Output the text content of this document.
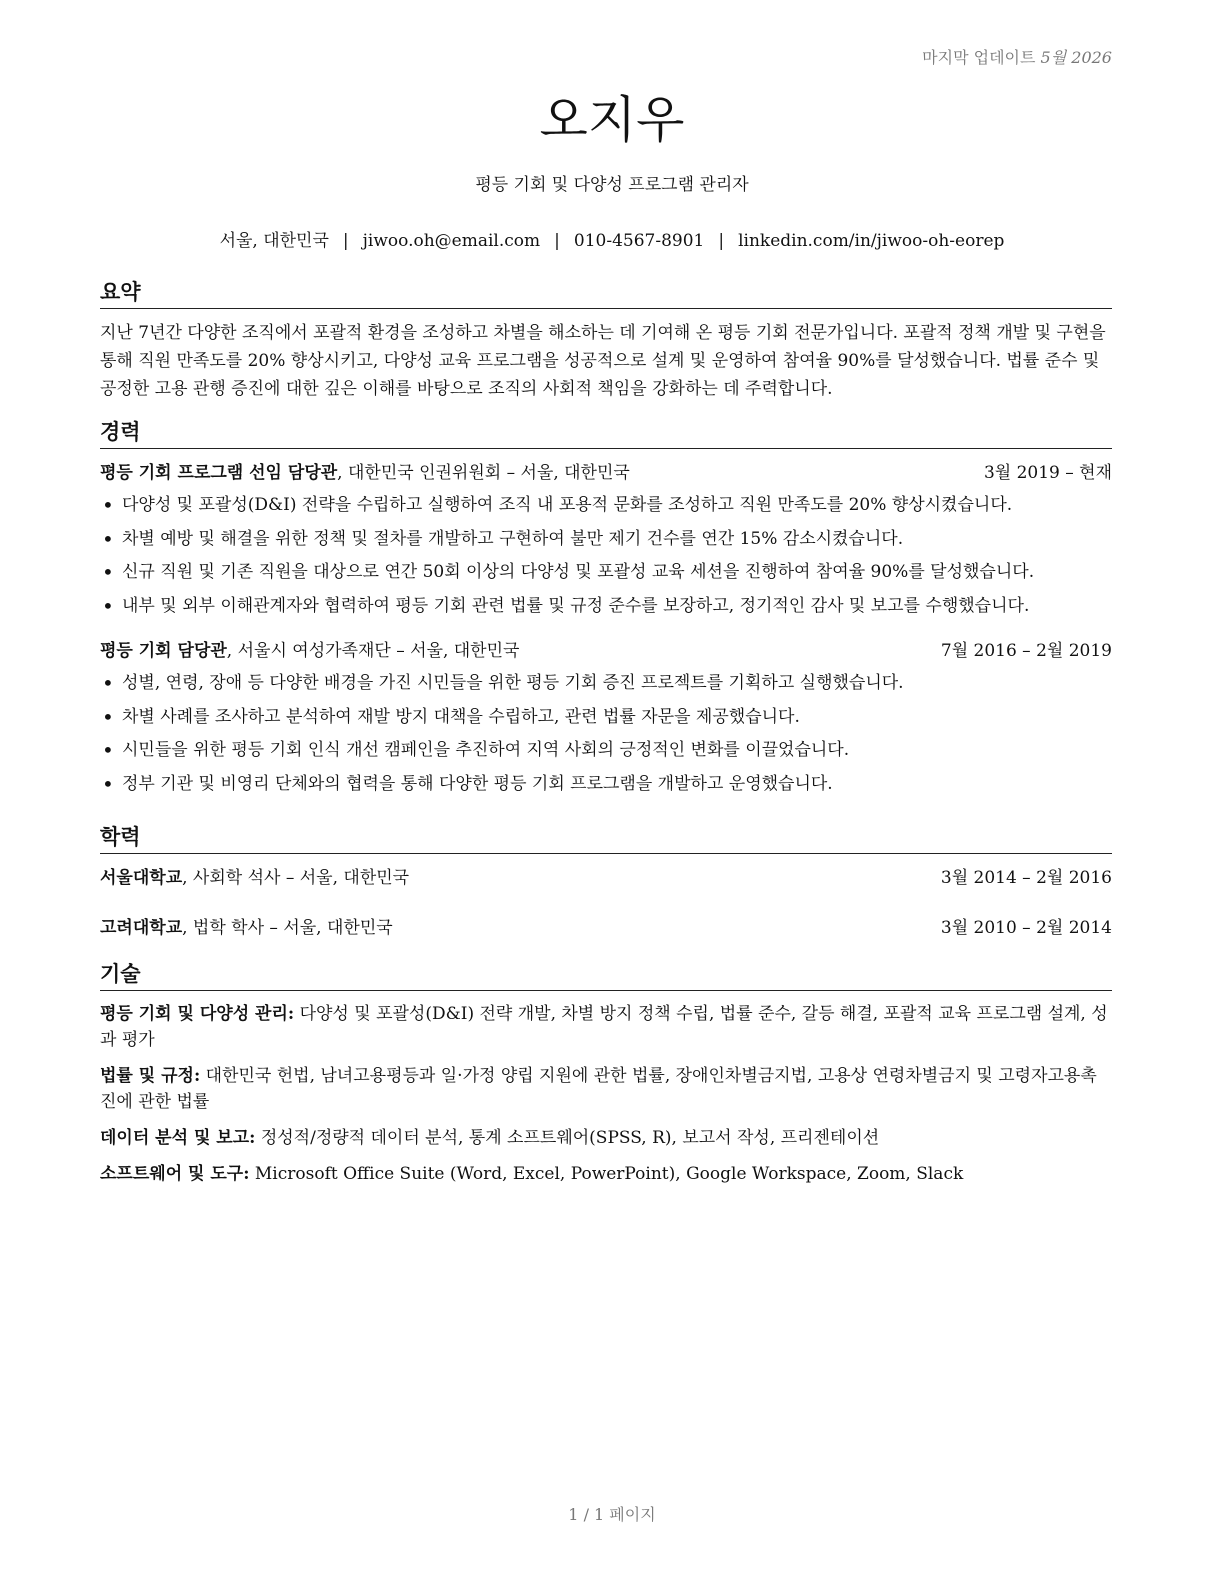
마지막 업데이트 5월 2026
오지우
평등 기회 및 다양성 프로그램 관리자
서울, 대한민국 | jiwoo.oh@email.com | 010-4567-8901 | linkedin.com/in/jiwoo-oh-eorep
요약

지난 7년간 다양한 조직에서 포괄적 환경을 조성하고 차별을 해소하는 데 기여해 온 평등 기회 전문가입니다. 포괄적 정책 개발 및 구현을 통해 직원 만족도를 20% 향상시키고, 다양성 교육 프로그램을 성공적으로 설계 및 운영하여 참여율 90%를 달성했습니다. 법률 준수 및 공정한 고용 관행 증진에 대한 깊은 이해를 바탕으로 조직의 사회적 책임을 강화하는 데 주력합니다.

경력
평등 기회 프로그램 선임 담당관, 대한민국 인권위원회 – 서울, 대한민국	3월 2019 – 현재
• 다양성 및 포괄성(D&I) 전략을 수립하고 실행하여 조직 내 포용적 문화를 조성하고 직원 만족도를 20% 향상시켰습니다.
• 차별 예방 및 해결을 위한 정책 및 절차를 개발하고 구현하여 불만 제기 건수를 연간 15% 감소시켰습니다.
• 신규 직원 및 기존 직원을 대상으로 연간 50회 이상의 다양성 및 포괄성 교육 세션을 진행하여 참여율 90%를 달성했습니다.
• 내부 및 외부 이해관계자와 협력하여 평등 기회 관련 법률 및 규정 준수를 보장하고, 정기적인 감사 및 보고를 수행했습니다.
평등 기회 담당관, 서울시 여성가족재단 – 서울, 대한민국	7월 2016 – 2월 2019
• 성별, 연령, 장애 등 다양한 배경을 가진 시민들을 위한 평등 기회 증진 프로젝트를 기획하고 실행했습니다.
• 차별 사례를 조사하고 분석하여 재발 방지 대책을 수립하고, 관련 법률 자문을 제공했습니다.
• 시민들을 위한 평등 기회 인식 개선 캠페인을 추진하여 지역 사회의 긍정적인 변화를 이끌었습니다.
• 정부 기관 및 비영리 단체와의 협력을 통해 다양한 평등 기회 프로그램을 개발하고 운영했습니다.
학력
서울대학교, 사회학 석사 – 서울, 대한민국	3월 2014 – 2월 2016
고려대학교, 법학 학사 – 서울, 대한민국	3월 2010 – 2월 2014
기술

평등 기회 및 다양성 관리: 다양성 및 포괄성(D&I) 전략 개발, 차별 방지 정책 수립, 법률 준수, 갈등 해결, 포괄적 교육 프로그램 설계, 성과 평가

법률 및 규정: 대한민국 헌법, 남녀고용평등과 일·가정 양립 지원에 관한 법률, 장애인차별금지법, 고용상 연령차별금지 및 고령자고용촉진에 관한 법률

데이터 분석 및 보고: 정성적/정량적 데이터 분석, 통계 소프트웨어(SPSS, R), 보고서 작성, 프리젠테이션

소프트웨어 및 도구: Microsoft Office Suite (Word, Excel, PowerPoint), Google Workspace, Zoom, Slack

1 / 1 페이지
